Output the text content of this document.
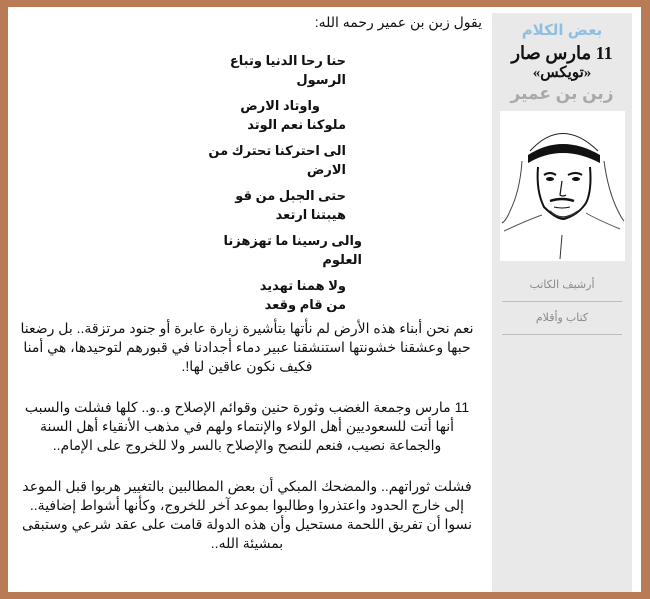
يقول زبن بن عمير رحمه الله:

حنا رحا الدنيا وتباع
الرسول
واوتاد الارض
ملوكنا نعم الوتد
الى احتركنا تحترك من
الارض
حتى الجبل من قو
هيبتنا ارتعد
والى رسينا ما تهزهزنا
العلوم
ولا همنا تهديد
من قام وقعد

نعم نحن أبناء هذه الأرض لم نأتها بتأشيرة زيارة عابرة أو جنود مرتزقة.. بل رضعنا حبها وعشقنا خشونتها استنشقنا عبير دماء أجدادنا في قبورهم لتوحيدها، هي أمنا فكيف نكون عاقين لها!.

11 مارس وجمعة الغضب وثورة حنين وقوائم الإصلاح و..و.. كلها فشلت والسبب أنها أتت للسعوديين أهل الولاء والإنتماء ولهم في مذهب الأنقياء أهل السنة والجماعة نصيب، فنعم للنصح والإصلاح بالسر ولا للخروج على الإمام..

فشلت ثوراتهم.. والمضحك المبكي أن بعض المطالبين بالتغيير هربوا قبل الموعد إلى خارج الحدود واعتذروا وطالبوا بموعد آخر للخروج، وكأنها أشواط إضافية.. نسوا أن تفريق اللحمة مستحيل وأن هذه الدولة قامت على عقد شرعي وستبقى بمشيئة الله..

بعض الكلام
11 مارس صار
«تويكس»
زبن بن عمير
أرشيف الكاتب
كتاب وأقلام
